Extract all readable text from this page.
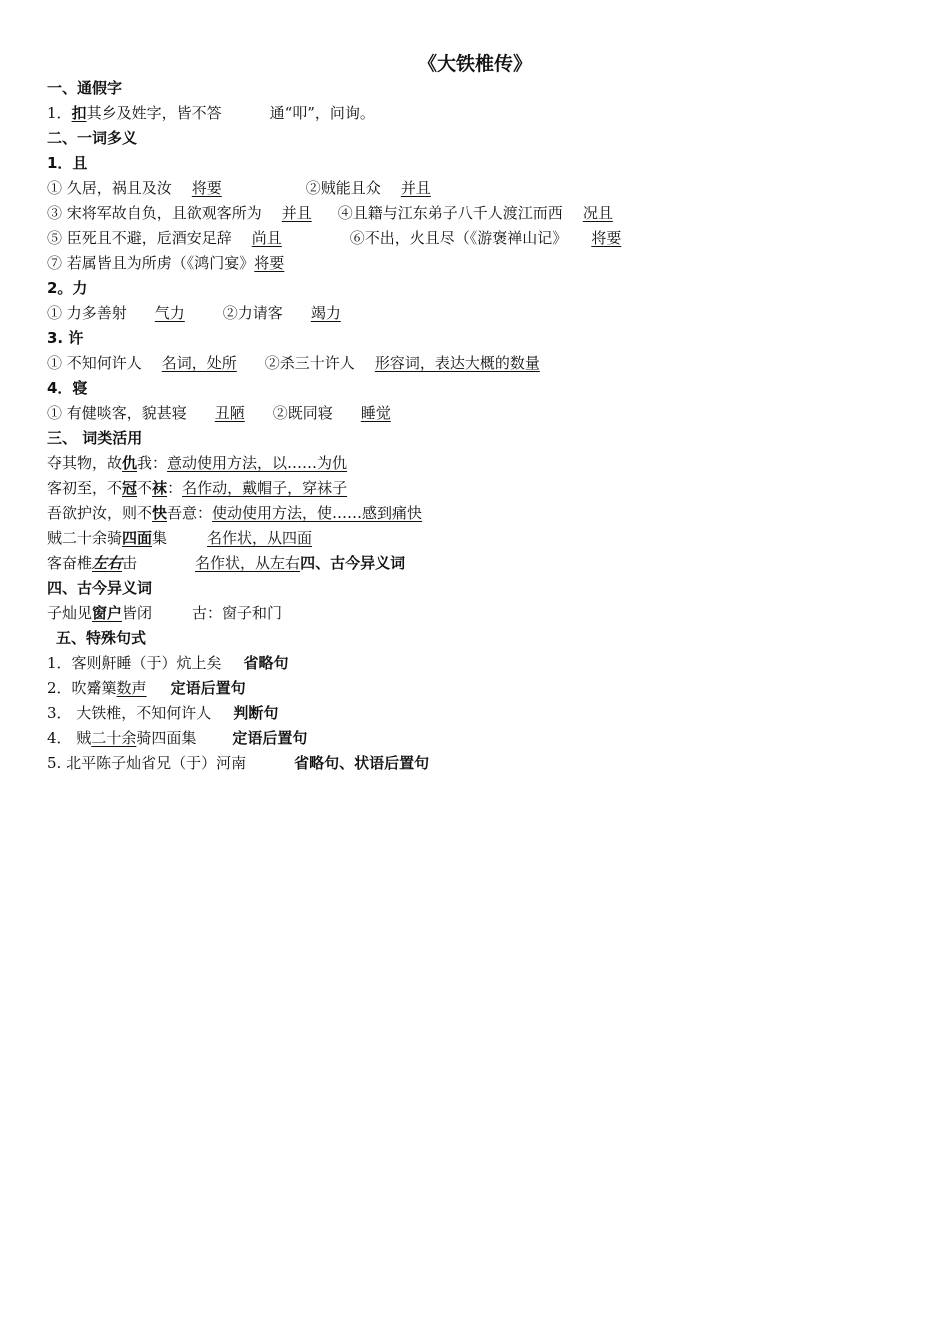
《大铁椎传》
一、通假字
1．扣其乡及姓字，皆不答	通“叩”，问询。
二、一词多义
1．且
① 久居，祸且及汝 将要	②贼能且众 并且
③ 宋将军故自负，且欲观客所为 并且 ④且籍与江东弟子八千人渡江而西 况且
⑤ 臣死且不避，卮酒安足辞 尚且	⑥不出，火且尽（《游褒禅山记》 将要
⑦ 若属皆且为所虏（《鸿门宴》将要
2。力
① 力多善射 气力	②力请客 竭力
3. 许
① 不知何许人 名词，处所 ②杀三十许人 形容词，表达大概的数量
4．寝
① 有健啖客，貌甚寝 丑陋 ②既同寝 睡觉
三、 词类活用
夺其物，故仇我：意动使用方法，以……为仇
客初至，不冠不袜：名作动，戴帽子，穿袜子
吾欲护汝，则不快吾意：使动使用方法，使……感到痛快
贼二十余骑四面集	名作状，从四面
客奋椎左右击	名作状，从左右四、古今异义词
四、古今异义词
子灿见窗户皆闭	古：窗子和门
五、特殊句式
1．客则鼾睡（于）炕上矣 省略句
2．吹觱篥数声 定语后置句
3． 大铁椎，不知何许人 判断句
4． 贼二十余骑四面集 定语后置句
5. 北平陈子灿省兄（于）河南	省略句、状语后置句
